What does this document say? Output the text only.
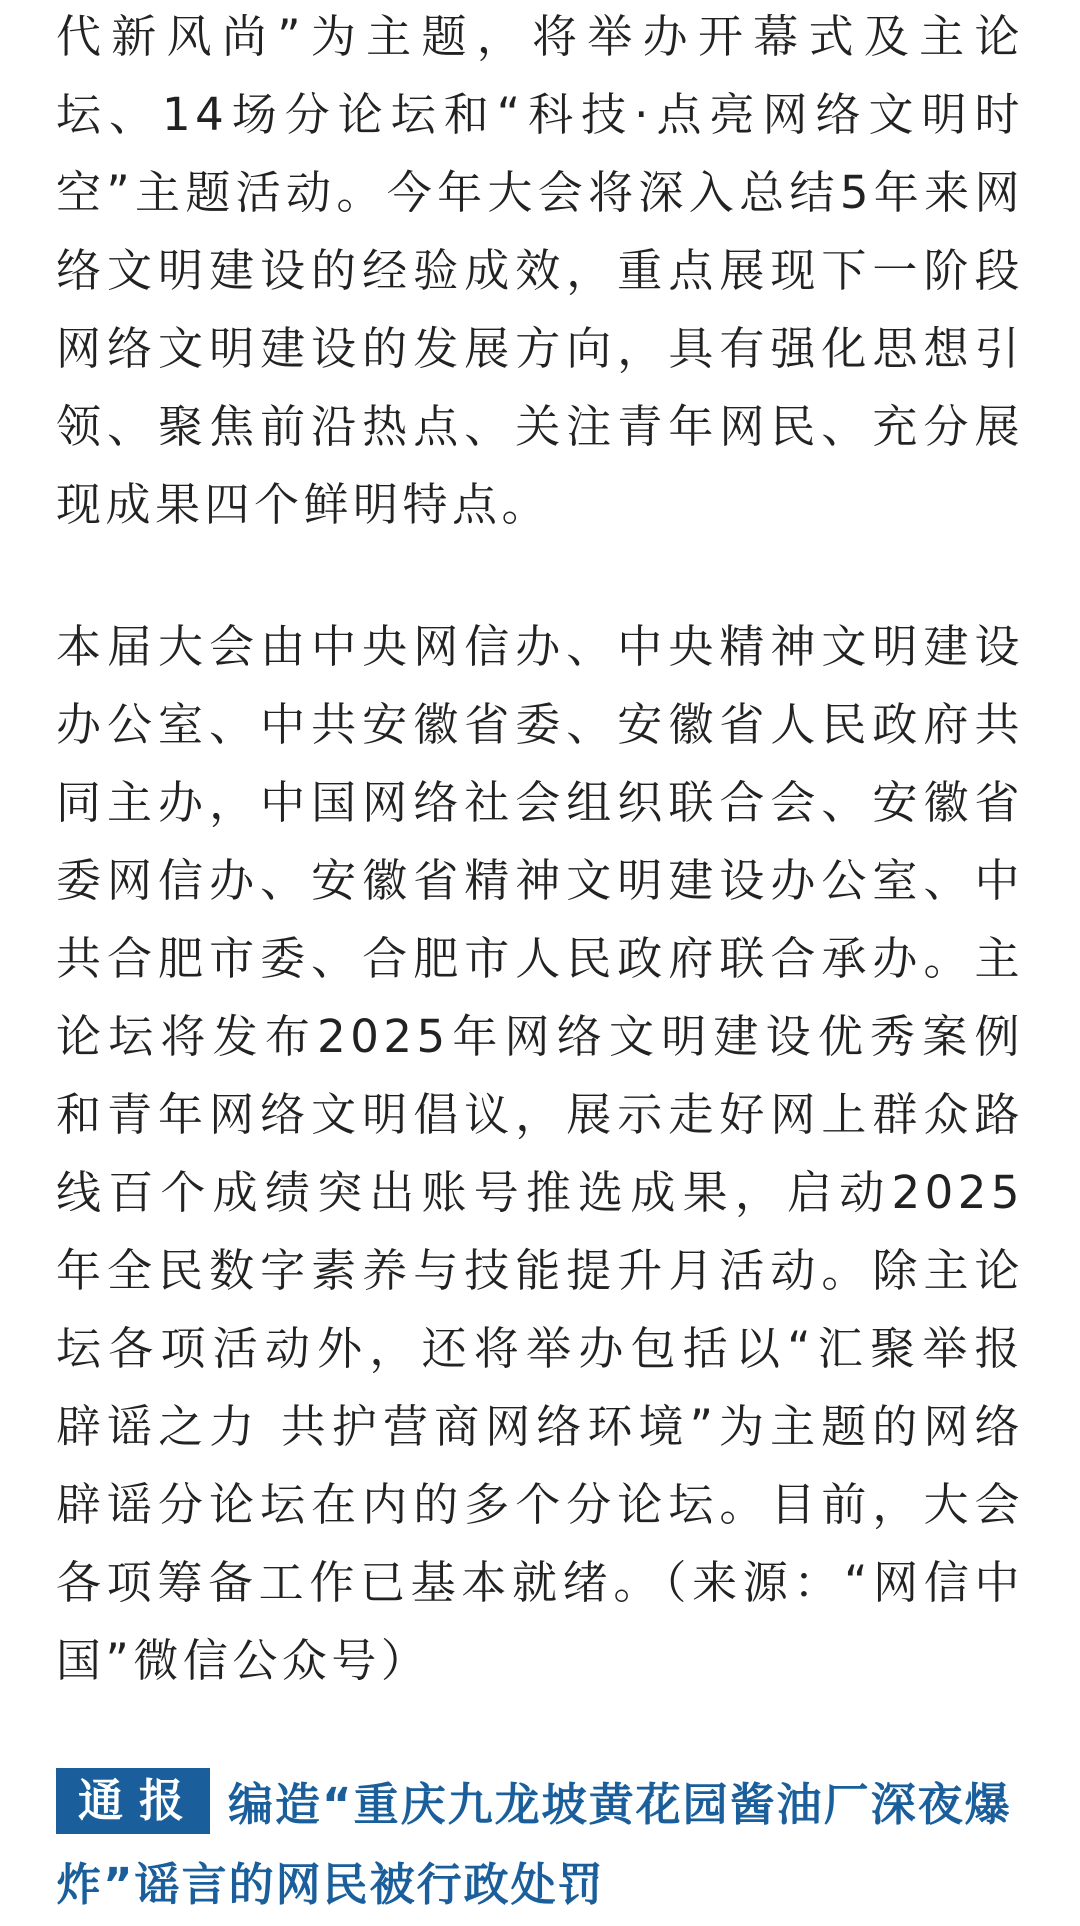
代新风尚”为主题，将举办开幕式及主论坛、14场分论坛和“科技·点亮网络文明时空”主题活动。今年大会将深入总结5年来网络文明建设的经验成效，重点展现下一阶段网络文明建设的发展方向，具有强化思想引领、聚焦前沿热点、关注青年网民、充分展现成果四个鲜明特点。

本届大会由中央网信办、中央精神文明建设办公室、中共安徽省委、安徽省人民政府共同主办，中国网络社会组织联合会、安徽省委网信办、安徽省精神文明建设办公室、中共合肥市委、合肥市人民政府联合承办。主论坛将发布2025年网络文明建设优秀案例和青年网络文明倡议，展示走好网上群众路线百个成绩突出账号推选成果，启动2025年全民数字素养与技能提升月活动。除主论坛各项活动外，还将举办包括以“汇聚举报辟谣之力 共护营商网络环境”为主题的网络辟谣分论坛在内的多个分论坛。目前，大会各项筹备工作已基本就绪。（来源：“网信中国”微信公众号）

通报 编造“重庆九龙坡黄花园酱油厂深夜爆炸”谣言的网民被行政处罚
